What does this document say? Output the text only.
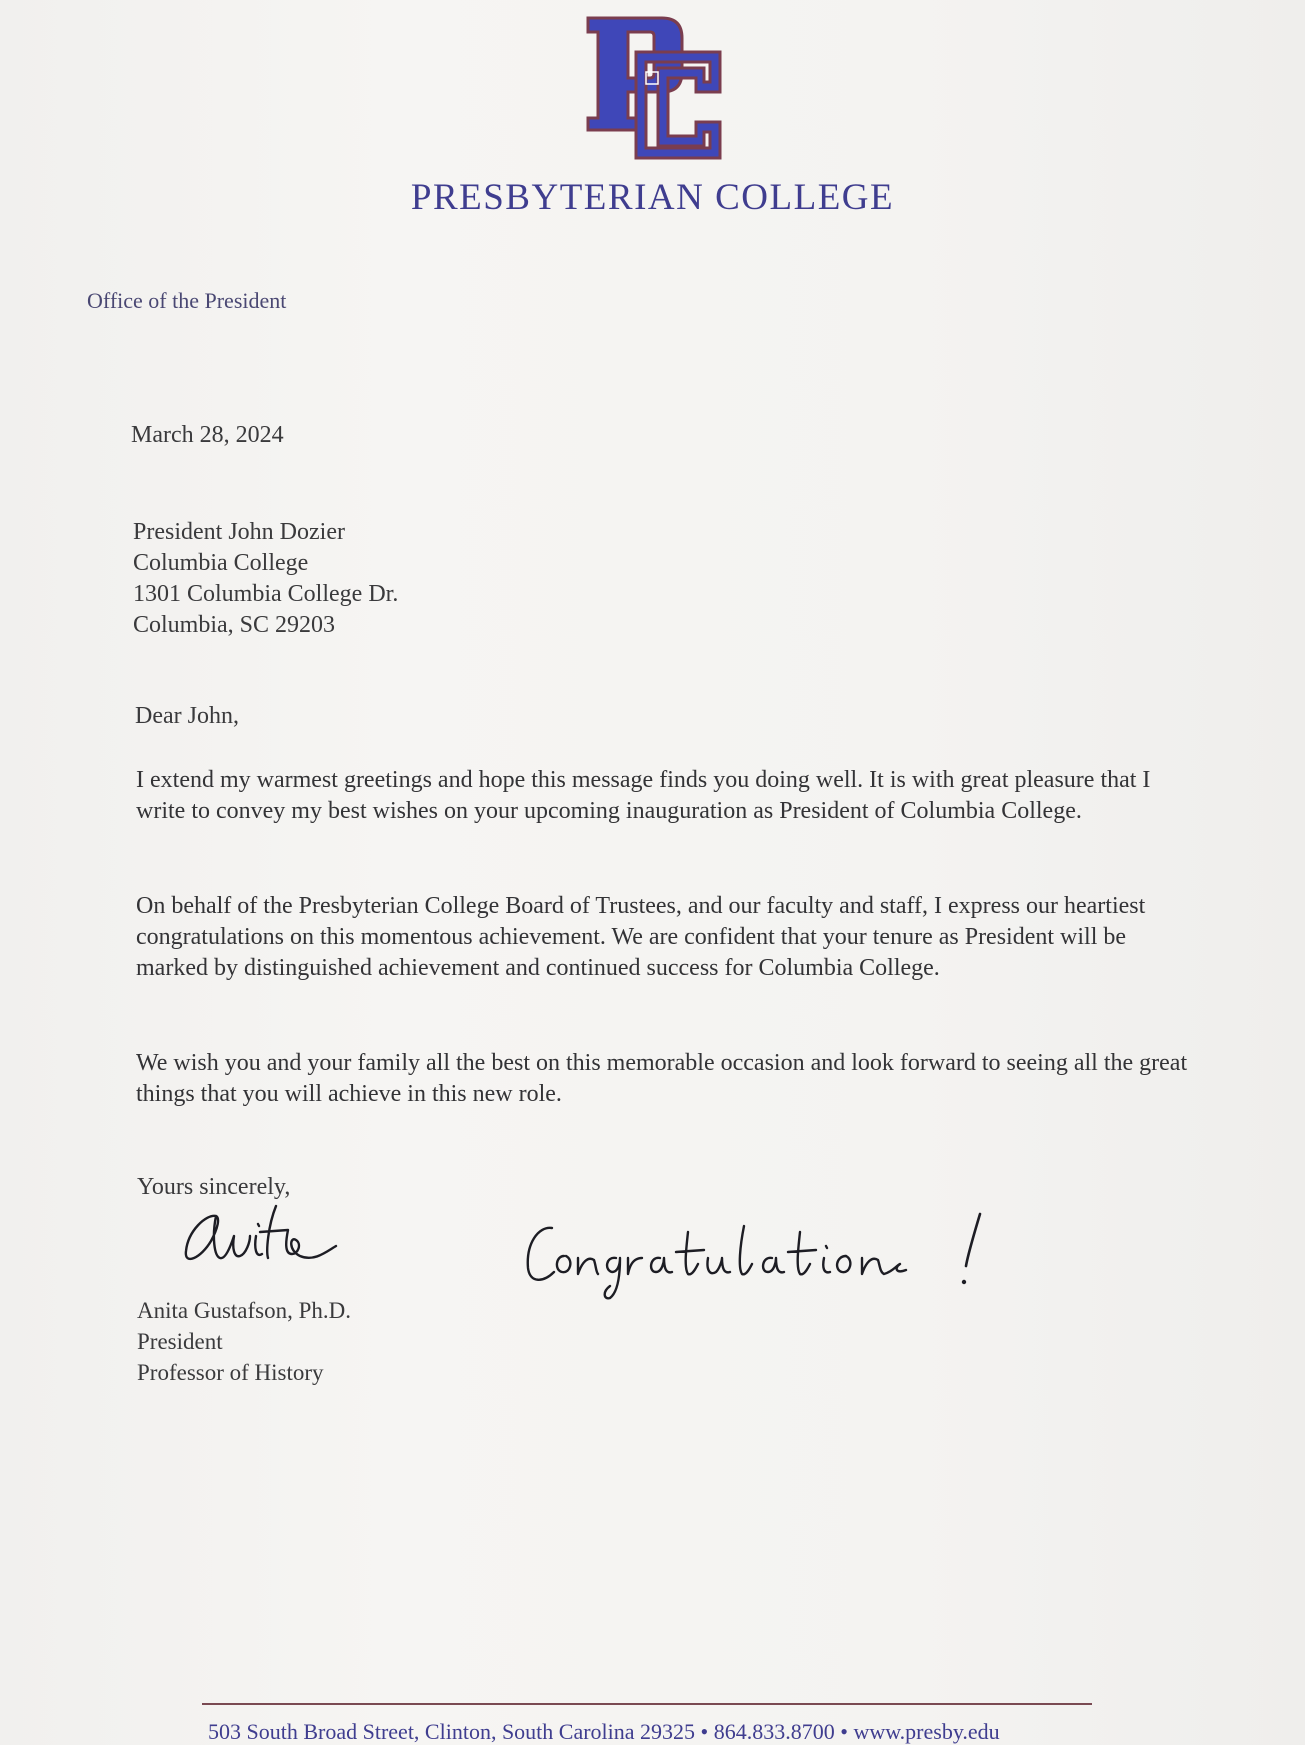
PRESBYTERIAN COLLEGE
Office of the President
March 28, 2024
President John Dozier
Columbia College
1301 Columbia College Dr.
Columbia, SC 29203
Dear John,
I extend my warmest greetings and hope this message finds you doing well. It is with great pleasure that I write to convey my best wishes on your upcoming inauguration as President of Columbia College.
On behalf of the Presbyterian College Board of Trustees, and our faculty and staff, I express our heartiest congratulations on this momentous achievement. We are confident that your tenure as President will be marked by distinguished achievement and continued success for Columbia College.
We wish you and your family all the best on this memorable occasion and look forward to seeing all the great things that you will achieve in this new role.
Yours sincerely,
Anita Gustafson, Ph.D.
President
Professor of History
503 South Broad Street, Clinton, South Carolina 29325 • 864.833.8700 • www.presby.edu
